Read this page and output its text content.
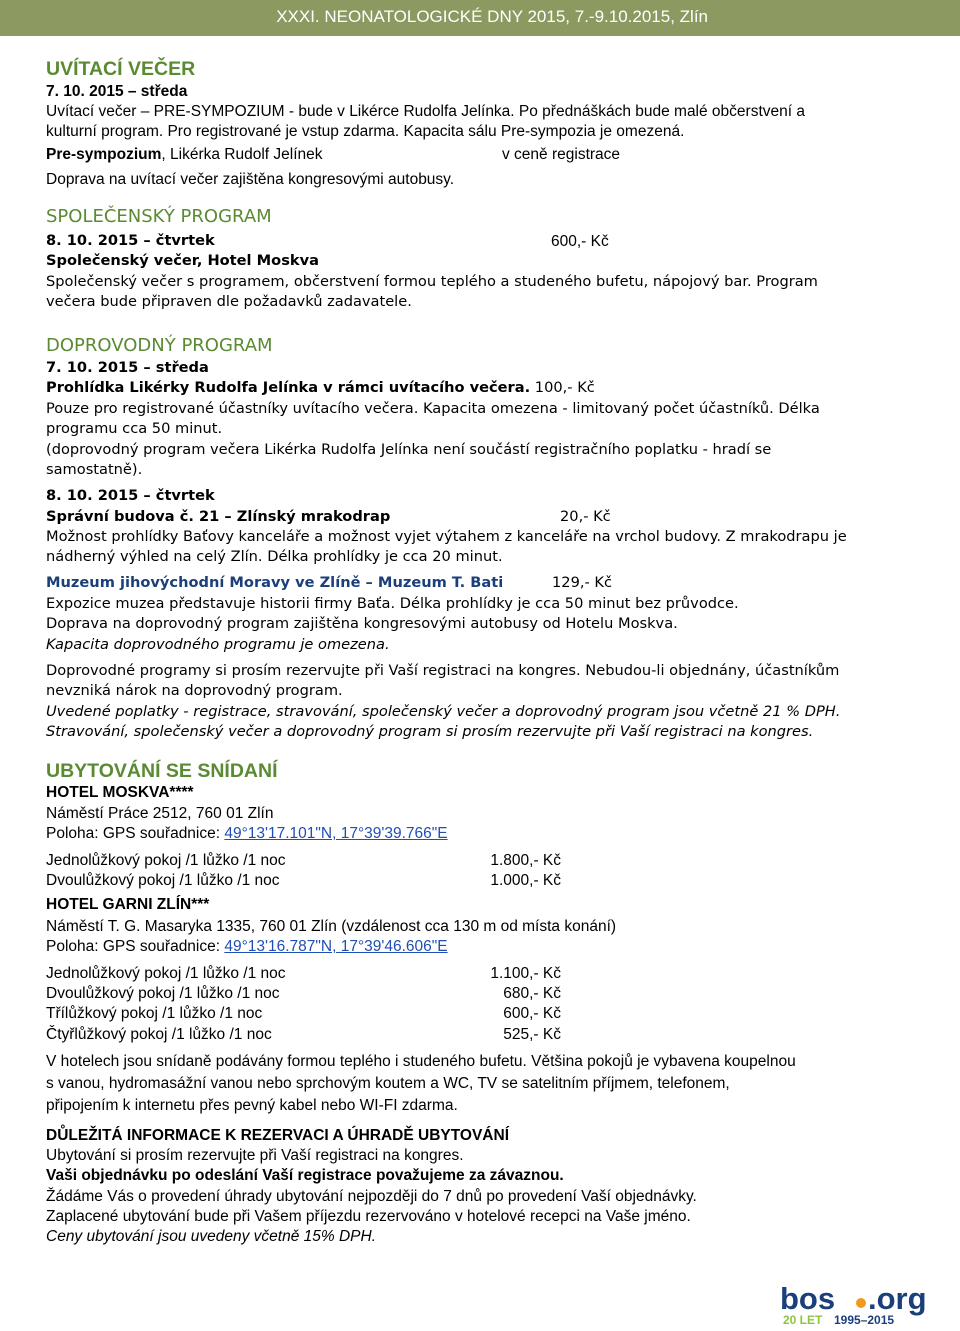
XXXI. NEONATOLOGICKÉ DNY 2015, 7.-9.10.2015, Zlín
UVÍTACÍ VEČER
7. 10. 2015 – středa
Uvítací večer – PRE-SYMPOZIUM - bude v Likérce Rudolfa Jelínka. Po přednáškách bude malé občerstvení a
kulturní program. Pro registrované je vstup zdarma. Kapacita sálu Pre-sympozia je omezená.
Pre-sympozium, Likérka Rudolf Jelínek	v ceně registrace
Doprava na uvítací večer zajištěna kongresovými autobusy.
SPOLEČENSKÝ PROGRAM
8. 10. 2015 – čtvrtek	600,- Kč
Společenský večer, Hotel Moskva
Společenský večer s programem, občerstvení formou teplého a studeného bufetu, nápojový bar. Program
večera bude připraven dle požadavků zadavatele.
DOPROVODNÝ PROGRAM
7. 10. 2015 – středa
Prohlídka Likérky Rudolfa Jelínka v rámci uvítacího večera. 100,- Kč
Pouze pro registrované účastníky uvítacího večera. Kapacita omezena - limitovaný počet účastníků. Délka
programu cca 50 minut.
(doprovodný program večera Likérka Rudolfa Jelínka není součástí registračního poplatku - hradí se
samostatně).
8. 10. 2015 – čtvrtek
Správní budova č. 21 – Zlínský mrakodrap	20,- Kč
Možnost prohlídky Baťovy kanceláře a možnost vyjet výtahem z kanceláře na vrchol budovy. Z mrakodrapu je
nádherný výhled na celý Zlín. Délka prohlídky je cca 20 minut.
Muzeum jihovýchodní Moravy ve Zlíně – Muzeum T. Bati	129,- Kč
Expozice muzea představuje historii firmy Baťa. Délka prohlídky je cca 50 minut bez průvodce.
Doprava na doprovodný program zajištěna kongresovými autobusy od Hotelu Moskva.
Kapacita doprovodného programu je omezena.
Doprovodné programy si prosím rezervujte při Vaší registraci na kongres. Nebudou-li objednány, účastníkům
nevzniká nárok na doprovodný program.
Uvedené poplatky - registrace, stravování, společenský večer a doprovodný program jsou včetně 21 % DPH.
Stravování, společenský večer a doprovodný program si prosím rezervujte při Vaší registraci na kongres.
UBYTOVÁNÍ SE SNÍDANÍ
HOTEL MOSKVA****
Náměstí Práce 2512, 760 01 Zlín
Poloha: GPS souřadnice: 49°13'17.101"N, 17°39'39.766"E
Jednolůžkový pokoj /1 lůžko /1 noc	1.800,- Kč
Dvoulůžkový pokoj /1 lůžko /1 noc	1.000,- Kč
HOTEL GARNI ZLÍN***
Náměstí T. G. Masaryka 1335, 760 01 Zlín (vzdálenost cca 130 m od místa konání)
Poloha: GPS souřadnice: 49°13'16.787"N, 17°39'46.606"E
Jednolůžkový pokoj /1 lůžko /1 noc	1.100,- Kč
Dvoulůžkový pokoj /1 lůžko /1 noc	680,- Kč
Třílůžkový pokoj /1 lůžko /1 noc	600,- Kč
Čtyřlůžkový pokoj /1 lůžko /1 noc	525,- Kč
V hotelech jsou snídaně podávány formou teplého i studeného bufetu. Většina pokojů je vybavena koupelnou
s vanou, hydromasážní vanou nebo sprchovým koutem a WC, TV se satelitním příjmem, telefonem,
připojením k internetu přes pevný kabel nebo WI-FI zdarma.
DŮLEŽITÁ INFORMACE K REZERVACI A ÚHRADĚ UBYTOVÁNÍ
Ubytování si prosím rezervujte při Vaší registraci na kongres.
Vaši objednávku po odeslání Vaší registrace považujeme za závaznou.
Žádáme Vás o provedení úhrady ubytování nejpozději do 7 dnů po provedení Vaší objednávky.
Zaplacené ubytování bude při Vašem příjezdu rezervováno v hotelové recepci na Vaše jméno.
Ceny ubytování jsou uvedeny včetně 15% DPH.
bos .org
20 LET 1995–2015
